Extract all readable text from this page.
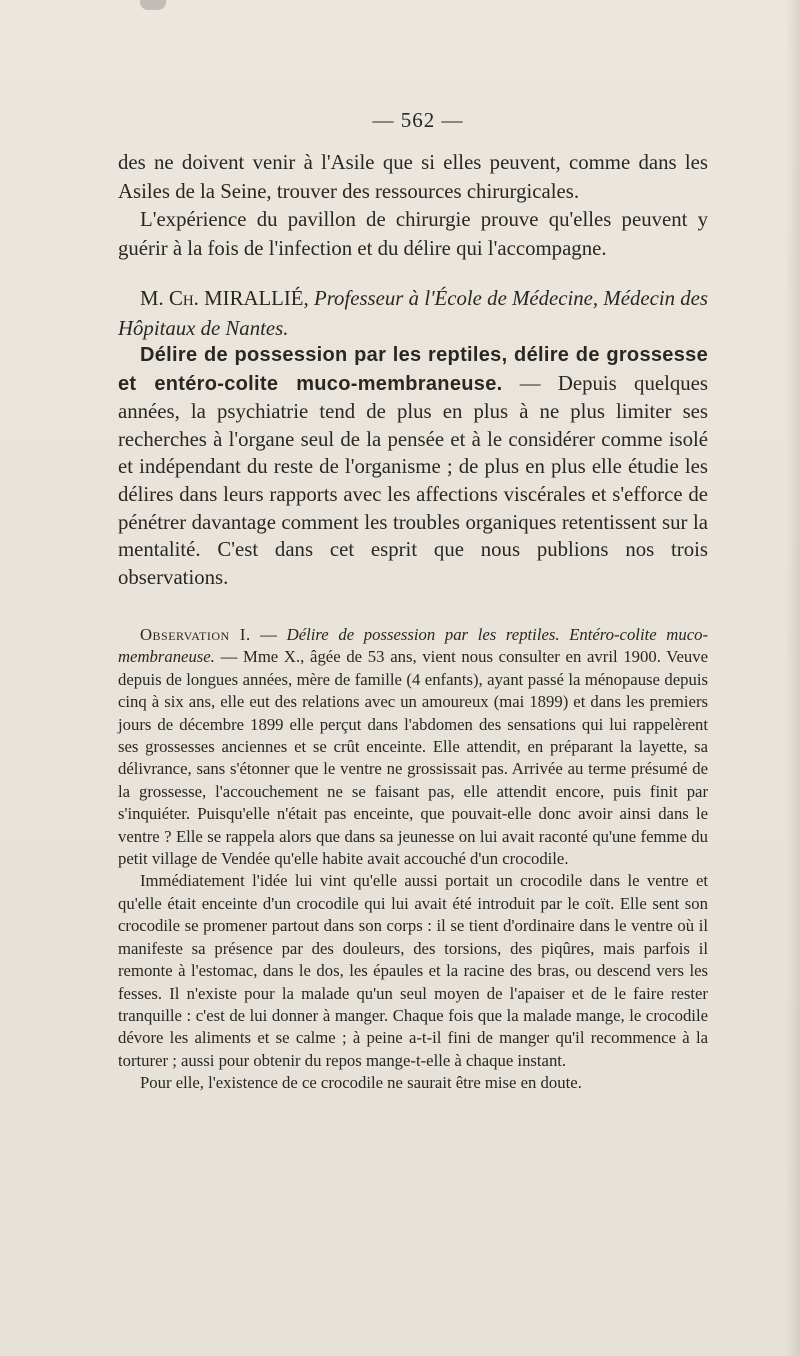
— 562 —

des ne doivent venir à l'Asile que si elles peuvent, comme dans les Asiles de la Seine, trouver des ressources chirurgicales.

L'expérience du pavillon de chirurgie prouve qu'elles peuvent y guérir à la fois de l'infection et du délire qui l'accompagne.

M. Ch. MIRALLIÉ, Professeur à l'École de Médecine, Médecin des Hôpitaux de Nantes.

Délire de possession par les reptiles, délire de grossesse et entéro-colite muco-membraneuse. — Depuis quelques années, la psychiatrie tend de plus en plus à ne plus limiter ses recherches à l'organe seul de la pensée et à le considérer comme isolé et indépendant du reste de l'organisme ; de plus en plus elle étudie les délires dans leurs rapports avec les affections viscérales et s'efforce de pénétrer davantage comment les troubles organiques retentissent sur la mentalité. C'est dans cet esprit que nous publions nos trois observations.

Observation I. — Délire de possession par les reptiles. Entéro-colite muco-membraneuse. — Mme X., âgée de 53 ans, vient nous consulter en avril 1900. Veuve depuis de longues années, mère de famille (4 enfants), ayant passé la ménopause depuis cinq à six ans, elle eut des relations avec un amoureux (mai 1899) et dans les premiers jours de décembre 1899 elle perçut dans l'abdomen des sensations qui lui rappelèrent ses grossesses anciennes et se crût enceinte. Elle attendit, en préparant la layette, sa délivrance, sans s'étonner que le ventre ne grossissait pas. Arrivée au terme présumé de la grossesse, l'accouchement ne se faisant pas, elle attendit encore, puis finit par s'inquiéter. Puisqu'elle n'était pas enceinte, que pouvait-elle donc avoir ainsi dans le ventre ? Elle se rappela alors que dans sa jeunesse on lui avait raconté qu'une femme du petit village de Vendée qu'elle habite avait accouché d'un crocodile.

Immédiatement l'idée lui vint qu'elle aussi portait un crocodile dans le ventre et qu'elle était enceinte d'un crocodile qui lui avait été introduit par le coït. Elle sent son crocodile se promener partout dans son corps : il se tient d'ordinaire dans le ventre où il manifeste sa présence par des douleurs, des torsions, des piqûres, mais parfois il remonte à l'estomac, dans le dos, les épaules et la racine des bras, ou descend vers les fesses. Il n'existe pour la malade qu'un seul moyen de l'apaiser et de le faire rester tranquille : c'est de lui donner à manger. Chaque fois que la malade mange, le crocodile dévore les aliments et se calme ; à peine a-t-il fini de manger qu'il recommence à la torturer ; aussi pour obtenir du repos mange-t-elle à chaque instant.

Pour elle, l'existence de ce crocodile ne saurait être mise en doute.
